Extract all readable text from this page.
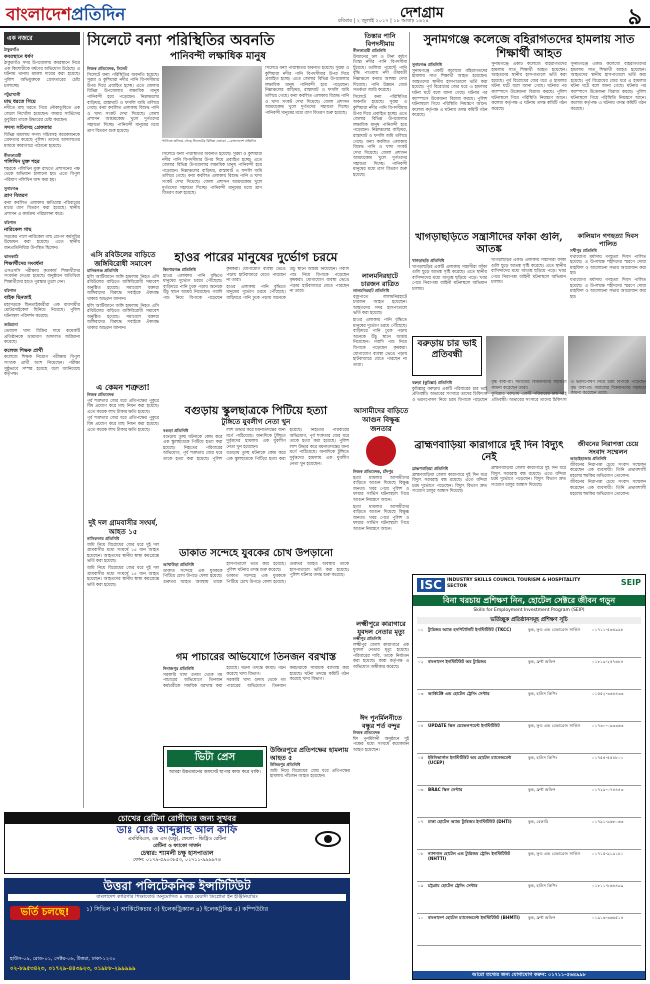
বাংলাদেশপ্রতিদিন	দেশগ্রাম
রবিবার | ২ জুলাই ২০১৭ | ১৮ আষাঢ় ১৪২৪	৯
এক নজরে
ঠাকুরগাঁও
কবরস্থানে ধর্ষণ

ঠাকুরগাঁও সদর উপজেলায় কবরস্থানে নিয়ে এক কিশোরীকে ধর্ষণের অভিযোগ উঠেছে। এ ঘটনায় থানায় মামলা দায়ের করা হয়েছে। পুলিশ অভিযুক্তকে গ্রেফতারের চেষ্টা চালাচ্ছে।

পটুয়াখালী
মাছ ধরতে গিয়ে

নদীতে মাছ ধরতে গিয়ে নৌকাডুবিতে এক জেলে নিখোঁজ হয়েছেন। ফায়ার সার্ভিসের ডুবুরিরা তাকে উদ্ধারের চেষ্টা করছেন।

সদস্য সচিবসহ গ্রেফতার

বিভিন্ন মামলায় সদস্য সচিবসহ কয়েকজনকে গ্রেফতার করেছে পুলিশ। তাদের আদালতের মাধ্যমে কারাগারে পাঠানো হয়েছে।

নীলফামারী
পলিথিন মুক্ত শহর

শহরকে পলিথিন মুক্ত রাখতে প্রশাসনের পক্ষ থেকে অভিযান চালানো হয়। এতে বিপুল পরিমাণ পলিথিন জব্দ করা হয়।

সুনামগঞ্জ
ত্রাণ বিতরণ

বন্যা কবলিত এলাকায় ক্ষতিগ্রস্ত পরিবারের মাঝে ত্রাণ বিতরণ করা হয়েছে। স্থানীয় প্রশাসন এ কার্যক্রম পরিচালনা করে।

বরিশাল
নারিকেল গাছ

সড়কের পাশে নারিকেল গাছ রোপণ কর্মসূচির উদ্বোধন করা হয়েছে। এতে স্থানীয় জনপ্রতিনিধিরা উপস্থিত ছিলেন।

ঝালকাঠি
শিক্ষার্থীদের সংবর্ধনা

এসএসসি পরীক্ষায় কৃতকার্য শিক্ষার্থীদের সংবর্ধনা দেওয়া হয়েছে। অনুষ্ঠানে অতিথিরা শিক্ষার্থীদের হাতে পুরস্কার তুলে দেন।

বরিশাল
বাইক ছিনতাই

মহাসড়কে ছিনতাইকারীরা এক ব্যবসায়ীর মোটরসাইকেল ছিনিয়ে নিয়েছে। পুলিশ ঘটনাস্থল পরিদর্শন করেছে।

জরিমানা

ভেজাল খাদ্য বিক্রির দায়ে কয়েকটি প্রতিষ্ঠানকে ভ্রাম্যমাণ আদালত জরিমানা করেছে।

কলেজ শিক্ষক প্রার্থী

কলেজে শিক্ষক নিয়োগ পরীক্ষায় বিপুল সংখ্যক প্রার্থী অংশ নিয়েছেন। পরীক্ষা সুষ্ঠুভাবে সম্পন্ন হয়েছে বলে জানিয়েছে কর্তৃপক্ষ।

সিলেটে বন্যা পরিস্থিতির অবনতি
পানিবন্দী লক্ষাধিক মানুষ
পানিতে তলিয়ে গেছে সিলেটের বিভিন্ন এলাকা —বাংলাদেশ প্রতিদিন
নিজস্ব প্রতিবেদক, সিলেট

সিলেটে বন্যা পরিস্থিতির অবনতি হয়েছে। সুরমা ও কুশিয়ারা নদীর পানি বিপদসীমার উপর দিয়ে প্রবাহিত হচ্ছে। এতে জেলার বিভিন্ন উপজেলার লক্ষাধিক মানুষ পানিবন্দী হয়ে পড়েছেন। নিম্নাঞ্চলের বাড়িঘর, রাস্তাঘাট ও ফসলি জমি তলিয়ে গেছে। বন্যা কবলিত এলাকায় বিশুদ্ধ পানি ও খাদ্য সংকট দেখা দিয়েছে। জেলা প্রশাসন আশ্রয়কেন্দ্র খুলে দুর্গতদের সহায়তা দিচ্ছে। পানিবন্দী মানুষের মধ্যে ত্রাণ বিতরণ শুরু হয়েছে।

সিলেটে বন্যা পরিস্থিতির অবনতি হয়েছে। সুরমা ও কুশিয়ারা নদীর পানি বিপদসীমার উপর দিয়ে প্রবাহিত হচ্ছে। এতে জেলার বিভিন্ন উপজেলার লক্ষাধিক মানুষ পানিবন্দী হয়ে পড়েছেন। নিম্নাঞ্চলের বাড়িঘর, রাস্তাঘাট ও ফসলি জমি তলিয়ে গেছে। বন্যা কবলিত এলাকায় বিশুদ্ধ পানি ও খাদ্য সংকট দেখা দিয়েছে। জেলা প্রশাসন আশ্রয়কেন্দ্র খুলে দুর্গতদের সহায়তা দিচ্ছে। পানিবন্দী মানুষের মধ্যে ত্রাণ বিতরণ শুরু হয়েছে।

সিলেটে বন্যা পরিস্থিতির অবনতি হয়েছে। সুরমা ও কুশিয়ারা নদীর পানি বিপদসীমার উপর দিয়ে প্রবাহিত হচ্ছে। এতে জেলার বিভিন্ন উপজেলার লক্ষাধিক মানুষ পানিবন্দী হয়ে পড়েছেন। নিম্নাঞ্চলের বাড়িঘর, রাস্তাঘাট ও ফসলি জমি তলিয়ে গেছে। বন্যা কবলিত এলাকায় বিশুদ্ধ পানি ও খাদ্য সংকট দেখা দিয়েছে। জেলা প্রশাসন আশ্রয়কেন্দ্র খুলে দুর্গতদের সহায়তা দিচ্ছে। পানিবন্দী মানুষের মধ্যে ত্রাণ বিতরণ শুরু হয়েছে।

তিস্তার পানি বিপদসীমায়
নীলফামারী প্রতিনিধি

উজানের ঢল ও টানা বর্ষণে তিস্তা নদীর পানি বিপদসীমা ছুঁয়েছে। ডালিয়া পয়েন্টে পানি বৃদ্ধি পাওয়ায় নদী তীরবর্তী নিম্নাঞ্চলে বন্যার আশঙ্কা দেখা দিয়েছে। পানি উন্নয়ন বোর্ড সতর্কতা জারি করেছে।

সিলেটে বন্যা পরিস্থিতির অবনতি হয়েছে। সুরমা ও কুশিয়ারা নদীর পানি বিপদসীমার উপর দিয়ে প্রবাহিত হচ্ছে। এতে জেলার বিভিন্ন উপজেলার লক্ষাধিক মানুষ পানিবন্দী হয়ে পড়েছেন। নিম্নাঞ্চলের বাড়িঘর, রাস্তাঘাট ও ফসলি জমি তলিয়ে গেছে। বন্যা কবলিত এলাকায় বিশুদ্ধ পানি ও খাদ্য সংকট দেখা দিয়েছে। জেলা প্রশাসন আশ্রয়কেন্দ্র খুলে দুর্গতদের সহায়তা দিচ্ছে। পানিবন্দী মানুষের মধ্যে ত্রাণ বিতরণ শুরু হয়েছে।

সুনামগঞ্জে কলেজে বহিরাগতদের হামলায় সাত শিক্ষার্থী আহত
সুনামগঞ্জ প্রতিনিধি

সুনামগঞ্জে একটি কলেজে বহিরাগতদের হামলায় সাত শিক্ষার্থী আহত হয়েছেন। আহতদের স্থানীয় হাসপাতালে ভর্তি করা হয়েছে। পূর্ব বিরোধের জের ধরে এ হামলার ঘটনা ঘটে বলে জানা গেছে। ঘটনার পর ক্যাম্পাসে উত্তেজনা বিরাজ করছে। পুলিশ ঘটনাস্থলে গিয়ে পরিস্থিতি নিয়ন্ত্রণে আনে। কলেজ কর্তৃপক্ষ এ ঘটনায় তদন্ত কমিটি গঠন করেছে।

সুনামগঞ্জে একটি কলেজে বহিরাগতদের হামলায় সাত শিক্ষার্থী আহত হয়েছেন। আহতদের স্থানীয় হাসপাতালে ভর্তি করা হয়েছে। পূর্ব বিরোধের জের ধরে এ হামলার ঘটনা ঘটে বলে জানা গেছে। ঘটনার পর ক্যাম্পাসে উত্তেজনা বিরাজ করছে। পুলিশ ঘটনাস্থলে গিয়ে পরিস্থিতি নিয়ন্ত্রণে আনে। কলেজ কর্তৃপক্ষ এ ঘটনায় তদন্ত কমিটি গঠন করেছে।

সুনামগঞ্জে একটি কলেজে বহিরাগতদের হামলায় সাত শিক্ষার্থী আহত হয়েছেন। আহতদের স্থানীয় হাসপাতালে ভর্তি করা হয়েছে। পূর্ব বিরোধের জের ধরে এ হামলার ঘটনা ঘটে বলে জানা গেছে। ঘটনার পর ক্যাম্পাসে উত্তেজনা বিরাজ করছে। পুলিশ ঘটনাস্থলে গিয়ে পরিস্থিতি নিয়ন্ত্রণে আনে। কলেজ কর্তৃপক্ষ এ ঘটনায় তদন্ত কমিটি গঠন করেছে।

খাগড়াছড়িতে সন্ত্রাসীদের ফাঁকা গুলি, আতঙ্ক
খাগড়াছড়ি প্রতিনিধি

খাগড়াছড়ির একটি এলাকায় সন্ত্রাসীরা ফাঁকা গুলি ছুড়ে আতঙ্ক সৃষ্টি করেছে। এতে স্থানীয় বাসিন্দাদের মধ্যে আতঙ্ক ছড়িয়ে পড়ে। খবর পেয়ে নিরাপত্তা বাহিনী ঘটনাস্থলে অভিযান চালায়।

খাগড়াছড়ির একটি এলাকায় সন্ত্রাসীরা ফাঁকা গুলি ছুড়ে আতঙ্ক সৃষ্টি করেছে। এতে স্থানীয় বাসিন্দাদের মধ্যে আতঙ্ক ছড়িয়ে পড়ে। খবর পেয়ে নিরাপত্তা বাহিনী ঘটনাস্থলে অভিযান চালায়।

কালিয়ান গণহত্যা দিবস পালিত
সখীপুর প্রতিনিধি

যথাযোগ্য মর্যাদায় গণহত্যা দিবস পালিত হয়েছে। এ উপলক্ষে শহীদদের স্মরণে দোয়া মাহফিল ও আলোচনা সভার আয়োজন করা হয়।

যথাযোগ্য মর্যাদায় গণহত্যা দিবস পালিত হয়েছে। এ উপলক্ষে শহীদদের স্মরণে দোয়া মাহফিল ও আলোচনা সভার আয়োজন করা হয়।

এসি রবিউলের বাড়িতে জঙ্গিবিরোধী সমাবেশ
মানিকগঞ্জ প্রতিনিধি

হলি আর্টিজানে জঙ্গি হামলায় নিহত এসি রবিউলের বাড়িতে জঙ্গিবিরোধী সমাবেশ অনুষ্ঠিত হয়েছে। সমাবেশে বক্তারা জঙ্গিবাদের বিরুদ্ধে সবাইকে ঐক্যবদ্ধ থাকার আহ্বান জানান।

হলি আর্টিজানে জঙ্গি হামলায় নিহত এসি রবিউলের বাড়িতে জঙ্গিবিরোধী সমাবেশ অনুষ্ঠিত হয়েছে। সমাবেশে বক্তারা জঙ্গিবাদের বিরুদ্ধে সবাইকে ঐক্যবদ্ধ থাকার আহ্বান জানান।

হাওর পারের মানুষের দুর্ভোগ চরমে
কিশোরগঞ্জ প্রতিনিধি

হাওর এলাকায় পানি বৃদ্ধিতে মানুষের দুর্ভোগ চরমে পৌঁছেছে। বাড়িঘরে পানি ঢুকে পড়ায় অনেকে উঁচু স্থানে আশ্রয় নিয়েছেন। গবাদি পশু নিয়ে বিপাকে পড়েছেন কৃষকরা। যোগাযোগ ব্যবস্থা ভেঙে পড়ায় হাটবাজারে যেতে পারছেন না তারা।

হাওর এলাকায় পানি বৃদ্ধিতে মানুষের দুর্ভোগ চরমে পৌঁছেছে। বাড়িঘরে পানি ঢুকে পড়ায় অনেকে উঁচু স্থানে আশ্রয় নিয়েছেন। গবাদি পশু নিয়ে বিপাকে পড়েছেন কৃষকরা। যোগাযোগ ব্যবস্থা ভেঙে পড়ায় হাটবাজারে যেতে পারছেন না তারা।

লালমনিরহাটে চারজন রাত্রিত
লালমনিরহাট প্রতিনিধি

বজ্রপাতে লালমনিরহাটে চারজন আহত হয়েছেন। আহতদের সদর হাসপাতালে ভর্তি করা হয়েছে।

হাওর এলাকায় পানি বৃদ্ধিতে মানুষের দুর্ভোগ চরমে পৌঁছেছে। বাড়িঘরে পানি ঢুকে পড়ায় অনেকে উঁচু স্থানে আশ্রয় নিয়েছেন। গবাদি পশু নিয়ে বিপাকে পড়েছেন কৃষকরা। যোগাযোগ ব্যবস্থা ভেঙে পড়ায় হাটবাজারে যেতে পারছেন না তারা।

বরুড়ায় চার ভাই প্রতিবন্ধী
বরুড়া (কুমিল্লা) প্রতিনিধি

কুমিল্লার বরুড়ায় একটি পরিবারের চার ভাই প্রতিবন্ধী। অভাবের সংসারে তাদের চিকিৎসা ও ভরণপোষণ নিয়ে চরম বিপাকে পড়েছেন বৃদ্ধ বাবা-মা। সমাজের বিত্তবানদের সহায়তা কামনা করেছেন তারা।

কুমিল্লার বরুড়ায় একটি পরিবারের চার ভাই প্রতিবন্ধী। অভাবের সংসারে তাদের চিকিৎসা ও ভরণপোষণ নিয়ে চরম বিপাকে পড়েছেন বৃদ্ধ বাবা-মা। সমাজের বিত্তবানদের সহায়তা কামনা করেছেন তারা।

বগুড়ায় স্কুলছাত্রকে পিটিয়ে হত্যা
টুঙ্গিতে যুবলীগ নেতা খুন
বগুড়া প্রতিনিধি

বগুড়ায় তুচ্ছ ঘটনাকে কেন্দ্র করে এক স্কুলছাত্রকে পিটিয়ে হত্যা করা হয়েছে। নিহতের পরিবারের অভিযোগ, পূর্ব শত্রুতার জের ধরে তাকে হত্যা করা হয়েছে। পুলিশ লাশ উদ্ধার করে ময়নাতদন্তের জন্য মর্গে পাঠিয়েছে। অন্যদিকে টুঙ্গিতে দুর্বৃত্তদের হামলায় এক যুবলীগ নেতা খুন হয়েছেন।

বগুড়ায় তুচ্ছ ঘটনাকে কেন্দ্র করে এক স্কুলছাত্রকে পিটিয়ে হত্যা করা হয়েছে। নিহতের পরিবারের অভিযোগ, পূর্ব শত্রুতার জের ধরে তাকে হত্যা করা হয়েছে। পুলিশ লাশ উদ্ধার করে ময়নাতদন্তের জন্য মর্গে পাঠিয়েছে। অন্যদিকে টুঙ্গিতে দুর্বৃত্তদের হামলায় এক যুবলীগ নেতা খুন হয়েছেন।

এ কেমন শত্রুতা!
নিজস্ব প্রতিবেদক

পূর্ব শত্রুতার জের ধরে প্রতিপক্ষের পুকুরে বিষ প্রয়োগ করে মাছ নিধন করা হয়েছে। এতে কয়েক লাখ টাকার ক্ষতি হয়েছে।

পূর্ব শত্রুতার জের ধরে প্রতিপক্ষের পুকুরে বিষ প্রয়োগ করে মাছ নিধন করা হয়েছে। এতে কয়েক লাখ টাকার ক্ষতি হয়েছে।

আসামীদের বাড়িতে আগুন বিক্ষুব্ধ জনতার
নিজস্ব প্রতিবেদক, চাঁদপুর

হত্যা মামলার আসামীদের বাড়িতে আগুন দিয়েছে বিক্ষুব্ধ জনতা। খবর পেয়ে পুলিশ ও ফায়ার সার্ভিস ঘটনাস্থলে গিয়ে আগুন নিয়ন্ত্রণে আনে।

হত্যা মামলার আসামীদের বাড়িতে আগুন দিয়েছে বিক্ষুব্ধ জনতা। খবর পেয়ে পুলিশ ও ফায়ার সার্ভিস ঘটনাস্থলে গিয়ে আগুন নিয়ন্ত্রণে আনে।

ব্রাহ্মণবাড়িয়া কারাগারে দুই দিন বিদ্যুৎ নেই
ব্রাহ্মণবাড়িয়া প্রতিনিধি

ব্রাহ্মণবাড়িয়া জেলা কারাগারে দুই দিন ধরে বিদ্যুৎ সরবরাহ বন্ধ রয়েছে। এতে বন্দিরা চরম দুর্ভোগে পড়েছেন। বিদ্যুৎ বিভাগ দ্রুত সংযোগ চালুর আশ্বাস দিয়েছে।

ব্রাহ্মণবাড়িয়া জেলা কারাগারে দুই দিন ধরে বিদ্যুৎ সরবরাহ বন্ধ রয়েছে। এতে বন্দিরা চরম দুর্ভোগে পড়েছেন। বিদ্যুৎ বিভাগ দ্রুত সংযোগ চালুর আশ্বাস দিয়েছে।

জীবনের নিরাপত্তা চেয়ে সংবাদ সম্মেলন
আড়াইহাজার প্রতিনিধি

জীবনের নিরাপত্তা চেয়ে সংবাদ সম্মেলন করেছেন এক ব্যবসায়ী। তিনি প্রভাবশালী মহলের হুমকির অভিযোগ তোলেন।

জীবনের নিরাপত্তা চেয়ে সংবাদ সম্মেলন করেছেন এক ব্যবসায়ী। তিনি প্রভাবশালী মহলের হুমকির অভিযোগ তোলেন।

ডাকাত সন্দেহে যুবকের চোখ উপড়ানো
আখাউড়া প্রতিনিধি

ডাকাত সন্দেহে এক যুবককে পিটিয়ে চোখ উপড়ে ফেলা হয়েছে। গুরুতর আহত অবস্থায় তাকে হাসপাতালে ভর্তি করা হয়েছে। পুলিশ ঘটনার তদন্ত শুরু করেছে।

ডাকাত সন্দেহে এক যুবককে পিটিয়ে চোখ উপড়ে ফেলা হয়েছে। গুরুতর আহত অবস্থায় তাকে হাসপাতালে ভর্তি করা হয়েছে। পুলিশ ঘটনার তদন্ত শুরু করেছে।

দুই দল গ্রামবাসীর সংঘর্ষ, আহত ১৫
নাসিরনগর প্রতিনিধি

জমি নিয়ে বিরোধের জের ধরে দুই দল গ্রামবাসীর মধ্যে সংঘর্ষে ১৫ জন আহত হয়েছেন। আহতদের স্থানীয় স্বাস্থ্য কমপ্লেক্সে ভর্তি করা হয়েছে।

জমি নিয়ে বিরোধের জের ধরে দুই দল গ্রামবাসীর মধ্যে সংঘর্ষে ১৫ জন আহত হয়েছেন। আহতদের স্থানীয় স্বাস্থ্য কমপ্লেক্সে ভর্তি করা হয়েছে।

গম পাচারের অভিযোগে তিনজন বরখাস্ত
দিনাজপুর প্রতিনিধি

সরকারি খাদ্য গুদাম থেকে গম পাচারের অভিযোগে তিনজন কর্মচারীকে সাময়িক বরখাস্ত করা হয়েছে। ঘটনা তদন্তে কমিটি গঠন করেছে খাদ্য বিভাগ।

সরকারি খাদ্য গুদাম থেকে গম পাচারের অভিযোগে তিনজন কর্মচারীকে সাময়িক বরখাস্ত করা হয়েছে। ঘটনা তদন্তে কমিটি গঠন করেছে খাদ্য বিভাগ।

লক্ষ্মীপুরে কারাগারে যুবদল নেতার মৃত্যু
লক্ষ্মীপুর প্রতিনিধি

লক্ষ্মীপুর জেলা কারাগারে এক যুবদল নেতার মৃত্যু হয়েছে। পরিবারের দাবি, তাকে নির্যাতন করা হয়েছে। কারা কর্তৃপক্ষ এ অভিযোগ অস্বীকার করেছে।

ঈদ পুনর্মিলনীতে বন্ধুর শর্ত বন্দুর
নিজস্ব প্রতিবেদক

ঈদ পুনর্মিলনী অনুষ্ঠানে দুই পক্ষের মধ্যে সংঘর্ষে কয়েকজন আহত হয়েছেন।

উজিরপুরে প্রতিপক্ষের হামলায় আহত ৫
উজিরপুর প্রতিনিধি

জমি নিয়ে বিরোধের জের ধরে প্রতিপক্ষের হামলায় পাঁচজন আহত হয়েছেন।

ভিটা প্রেস
আমরা উন্নতমানের অফসেট ছাপার কাজ করে থাকি।
চোখের রেটিনা রোগীদের জন্য সুখবর
ডাঃ মোঃ আব্দুল্লাহ আল কাফি
এমবিবিএস, এম এস (চক্ষু), ফেলো - ভিট্রিও রেটিনা
রেটিনা ও ফ্যাকো সার্জন
চেম্বার: শ্যামলী চক্ষু হাসপাতাল
ফোন: ০১৭৯-৫৯০৩৮৫৩, ০১৭১১-৯৯৯৯৭৪
উত্তরা পলিটেকনিক ইন্সটিটিউট
বাংলাদেশ কারিগরি শিক্ষাবোর্ড অনুমোদিত ৪ বছর মেয়াদী ডিপ্লোমা ইন ইঞ্জিনিয়ারিং
ভর্তি চলছে!	১) সিভিল ২) আর্কিটেকচার ৩) ইলেকট্রিক্যাল ৪) ইলেকট্রনিক্স ৫) কম্পিউটার
হাউস-০৯, রোড-০১, সেক্টর-০৬, উত্তরা, ঢাকা-১২৩০
০২-৮৯৫৩৪২৩, ০১৭২৯-৪৪৩৯২৩, ০১৯৮৮-২৯৯৯৯৯
ISC	INDUSTRY SKILLS COUNCIL TOURISM & HOSPITALITY SECTOR	SEIP
বিনা খরচায় প্রশিক্ষণ নিন, হোটেল সেক্টরে জীবন গড়ুন
Skills for Employment Investment Program (SEIP)
ভর্তিচ্ছুক প্রতিষ্ঠানসমূহ প্রশিক্ষণ সূচি
০১	ট্যুরিজম অ্যান্ড হসপিটালিটি ইনস্টিটিউট (TKCC)	কুক, ফুড এন্ড বেভারেজ সার্ভিস	০১৭১১-৫৬৪৯৯৮
০২	বাংলাদেশ ইনস্টিটিউট অব ট্যুরিজম	কুক, ফ্রন্ট অফিস	০১৮১৯-২৫৭৬৮৪
০৩	আর্কিটেক্ট এন্ড হোটেল ট্রেনিং সেন্টার	কুক, হাউস কিপিং	০১৫৫২-৩৬৪৪৩৩
০৪	UPDATE স্কিল ডেভেলপমেন্ট ইনস্টিটিউট	কুক, ফুড এন্ড বেভারেজ সার্ভিস	০১৭৩০-০৯৩৩৬৩
০৫	ইউনিভার্সাল ইনস্টিটিউট অব হোটেল ম্যানেজমেন্ট (UCEP)
কুক, হাউস কিপিং	০১৭৫৫-৫৫৪৮০১
০৬	BRAC স্কিল সেন্টার	কুক, ফ্রন্ট অফিস	০১৭২৯-০৭৪৪৪৩
০৭	ঢাকা হোটেল অ্যান্ড ট্যুরিজম ইনস্টিটিউট (DHTI)	কুক, বেকারি	০১৭৯১-৯৬৮০৬৩
০৮	ন্যাশনাল হোটেল এন্ড ট্যুরিজম ট্রেনিং ইনস্টিটিউট (NHTTI)
কুক, ফুড এন্ড বেভারেজ সার্ভিস	০১৭১৫-৯১৯১৮১
০৯	চট্টগ্রাম হোটেল ট্রেনিং সেন্টার	কুক, হাউস কিপিং	০১৮১১-৮৬৪৪৯৯
১০	বাংলাদেশ হোটেল ম্যানেজমেন্ট ইনস্টিটিউট (BHMTI)	কুক, ফ্রন্ট অফিস	০১৯১৬-৩৬৬৫১৪
আরো তথ্যের জন্য যোগাযোগ করুন: ০১৭১১-৫৬৪৯৯৮
